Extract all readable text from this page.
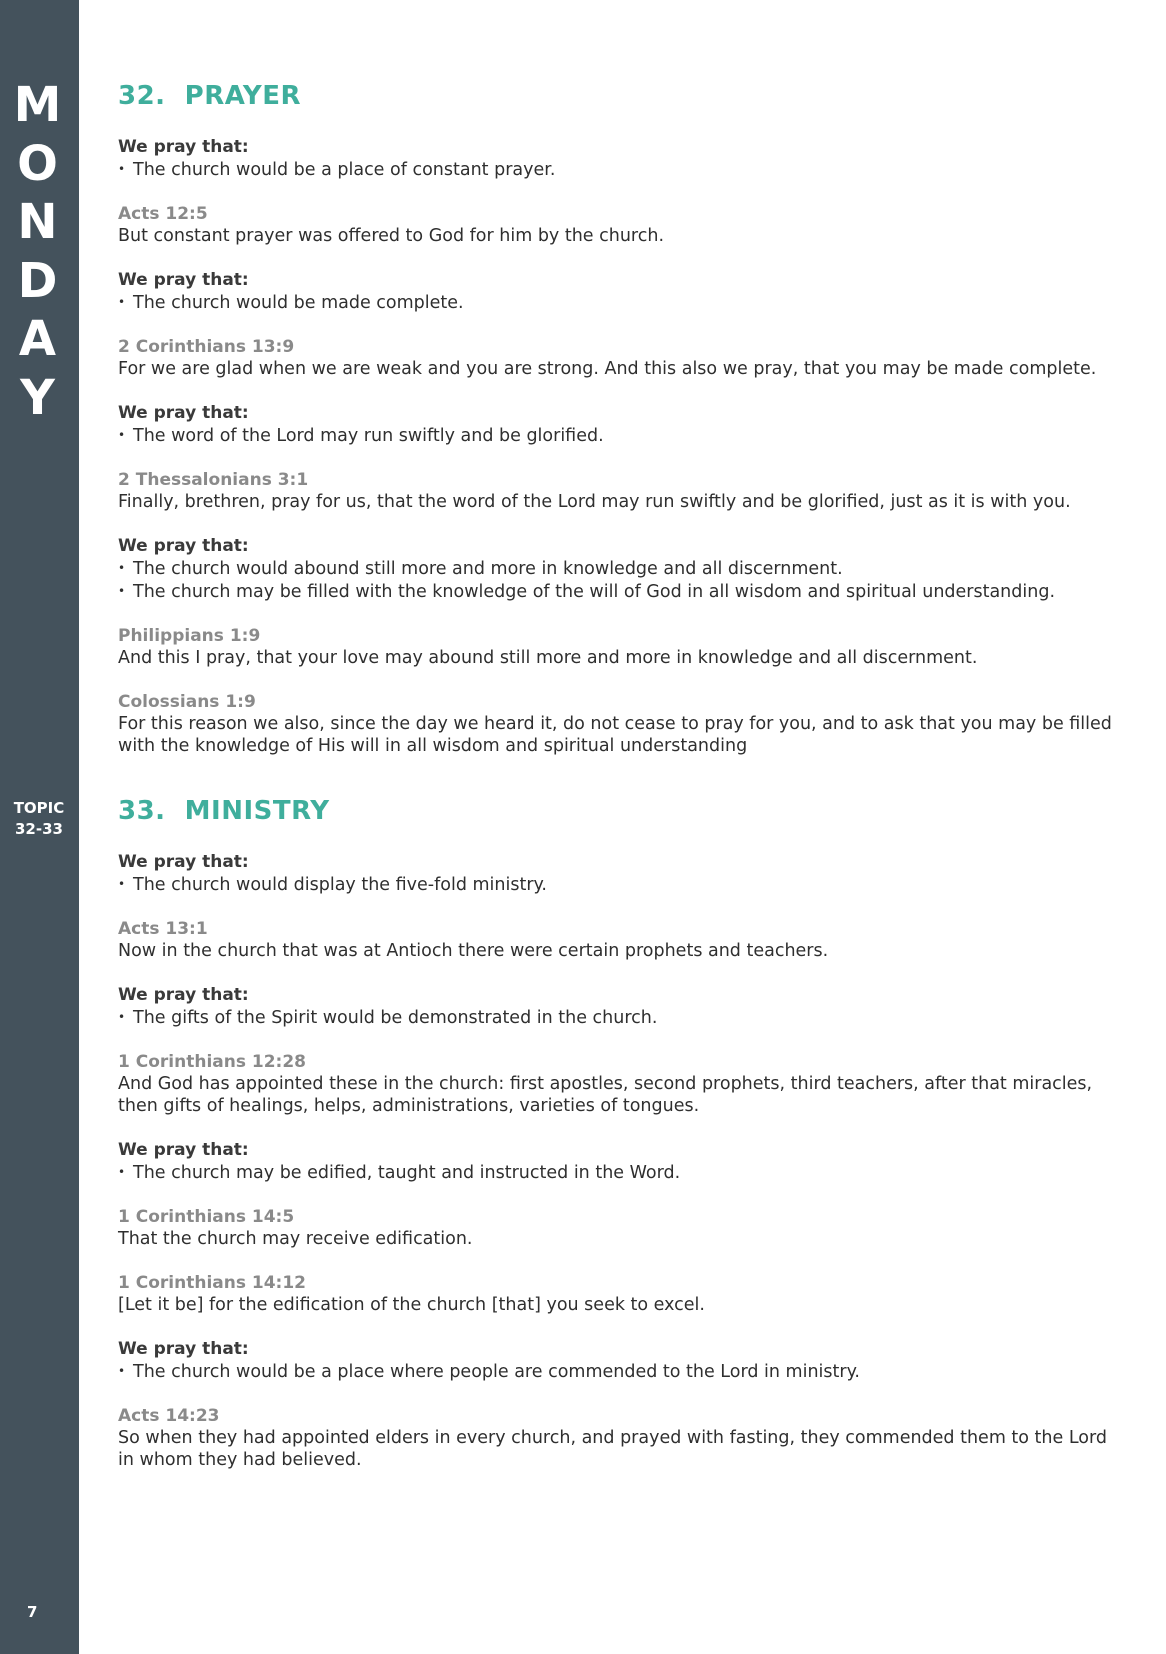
M
O
N
D
A
Y
TOPIC
32-33
7
32. PRAYER
We pray that:
• The church would be a place of constant prayer.
Acts 12:5
But constant prayer was offered to God for him by the church.
We pray that:
• The church would be made complete.
2 Corinthians 13:9
For we are glad when we are weak and you are strong. And this also we pray, that you may be made complete.
We pray that:
• The word of the Lord may run swiftly and be glorified.
2 Thessalonians 3:1
Finally, brethren, pray for us, that the word of the Lord may run swiftly and be glorified, just as it is with you.
We pray that:
• The church would abound still more and more in knowledge and all discernment.
• The church may be filled with the knowledge of the will of God in all wisdom and spiritual understanding.
Philippians 1:9
And this I pray, that your love may abound still more and more in knowledge and all discernment.
Colossians 1:9
For this reason we also, since the day we heard it, do not cease to pray for you, and to ask that you may be filled with the knowledge of His will in all wisdom and spiritual understanding
33. MINISTRY
We pray that:
• The church would display the five-fold ministry.
Acts 13:1
Now in the church that was at Antioch there were certain prophets and teachers.
We pray that:
• The gifts of the Spirit would be demonstrated in the church.
1 Corinthians 12:28
And God has appointed these in the church: first apostles, second prophets, third teachers, after that miracles, then gifts of healings, helps, administrations, varieties of tongues.
We pray that:
• The church may be edified, taught and instructed in the Word.
1 Corinthians 14:5
That the church may receive edification.
1 Corinthians 14:12
[Let it be] for the edification of the church [that] you seek to excel.
We pray that:
• The church would be a place where people are commended to the Lord in ministry.
Acts 14:23
So when they had appointed elders in every church, and prayed with fasting, they commended them to the Lord in whom they had believed.
